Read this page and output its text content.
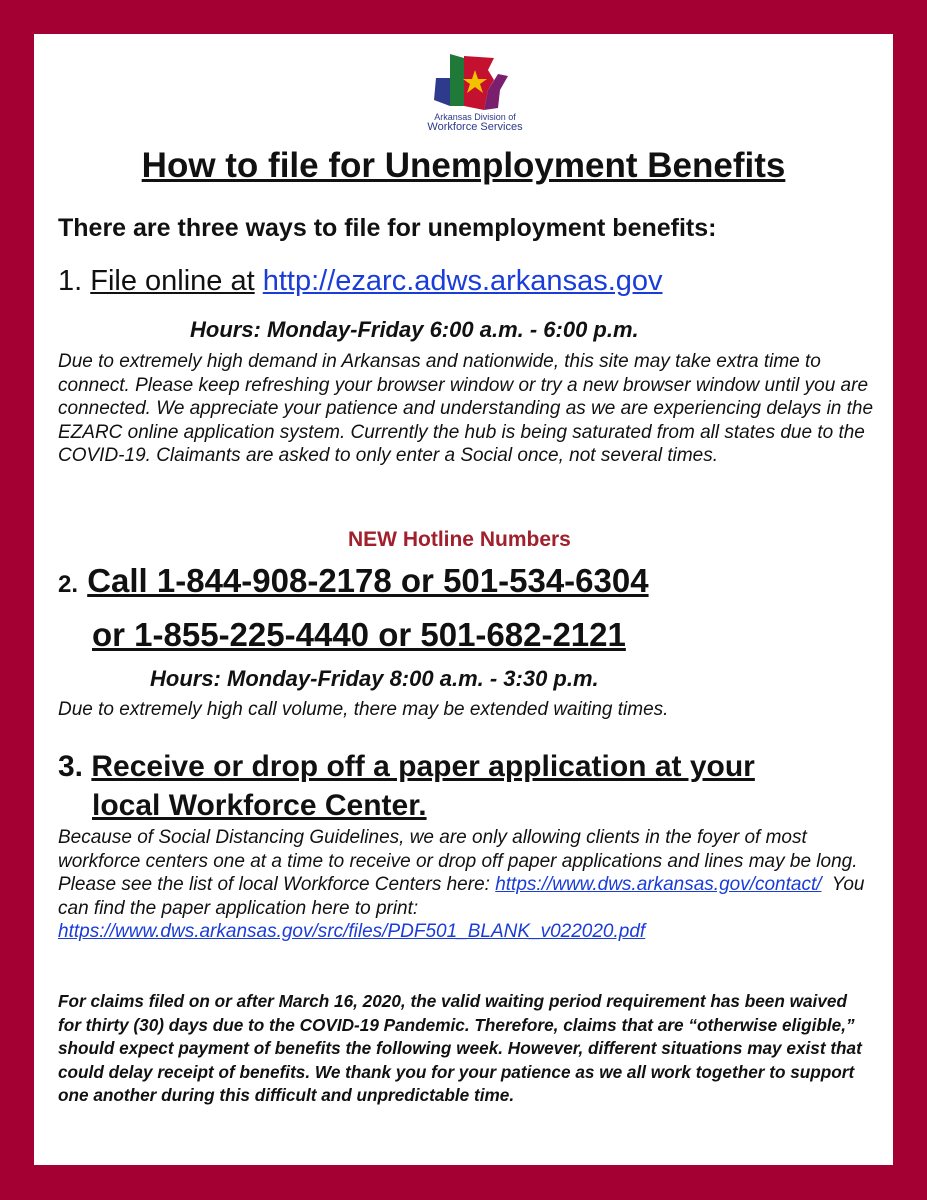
Arkansas Division of
Workforce Services
How to file for Unemployment Benefits

There are three ways to file for unemployment benefits:

1. File online at http://ezarc.adws.arkansas.gov

Hours: Monday-Friday 6:00 a.m. - 6:00 p.m.

Due to extremely high demand in Arkansas and nationwide, this site may take extra time to connect. Please keep refreshing your browser window or try a new browser window until you are connected. We appreciate your patience and understanding as we are experiencing delays in the EZARC online application system. Currently the hub is being saturated from all states due to the COVID-19. Claimants are asked to only enter a Social once, not several times.

NEW Hotline Numbers

2. Call 1-844-908-2178 or 501-534-6304

or 1-855-225-4440 or 501-682-2121

Hours: Monday-Friday 8:00 a.m. - 3:30 p.m.

Due to extremely high call volume, there may be extended waiting times.

3. Receive or drop off a paper application at your
local Workforce Center.

Because of Social Distancing Guidelines, we are only allowing clients in the foyer of most workforce centers one at a time to receive or drop off paper applications and lines may be long. Please see the list of local Workforce Centers here: https://www.dws.arkansas.gov/contact/  You can find the paper application here to print: https://www.dws.arkansas.gov/src/files/PDF501_BLANK_v022020.pdf

For claims filed on or after March 16, 2020, the valid waiting period requirement has been waived for thirty (30) days due to the COVID-19 Pandemic. Therefore, claims that are “otherwise eligible,” should expect payment of benefits the following week. However, different situations may exist that could delay receipt of benefits. We thank you for your patience as we all work together to support one another during this difficult and unpredictable time.
